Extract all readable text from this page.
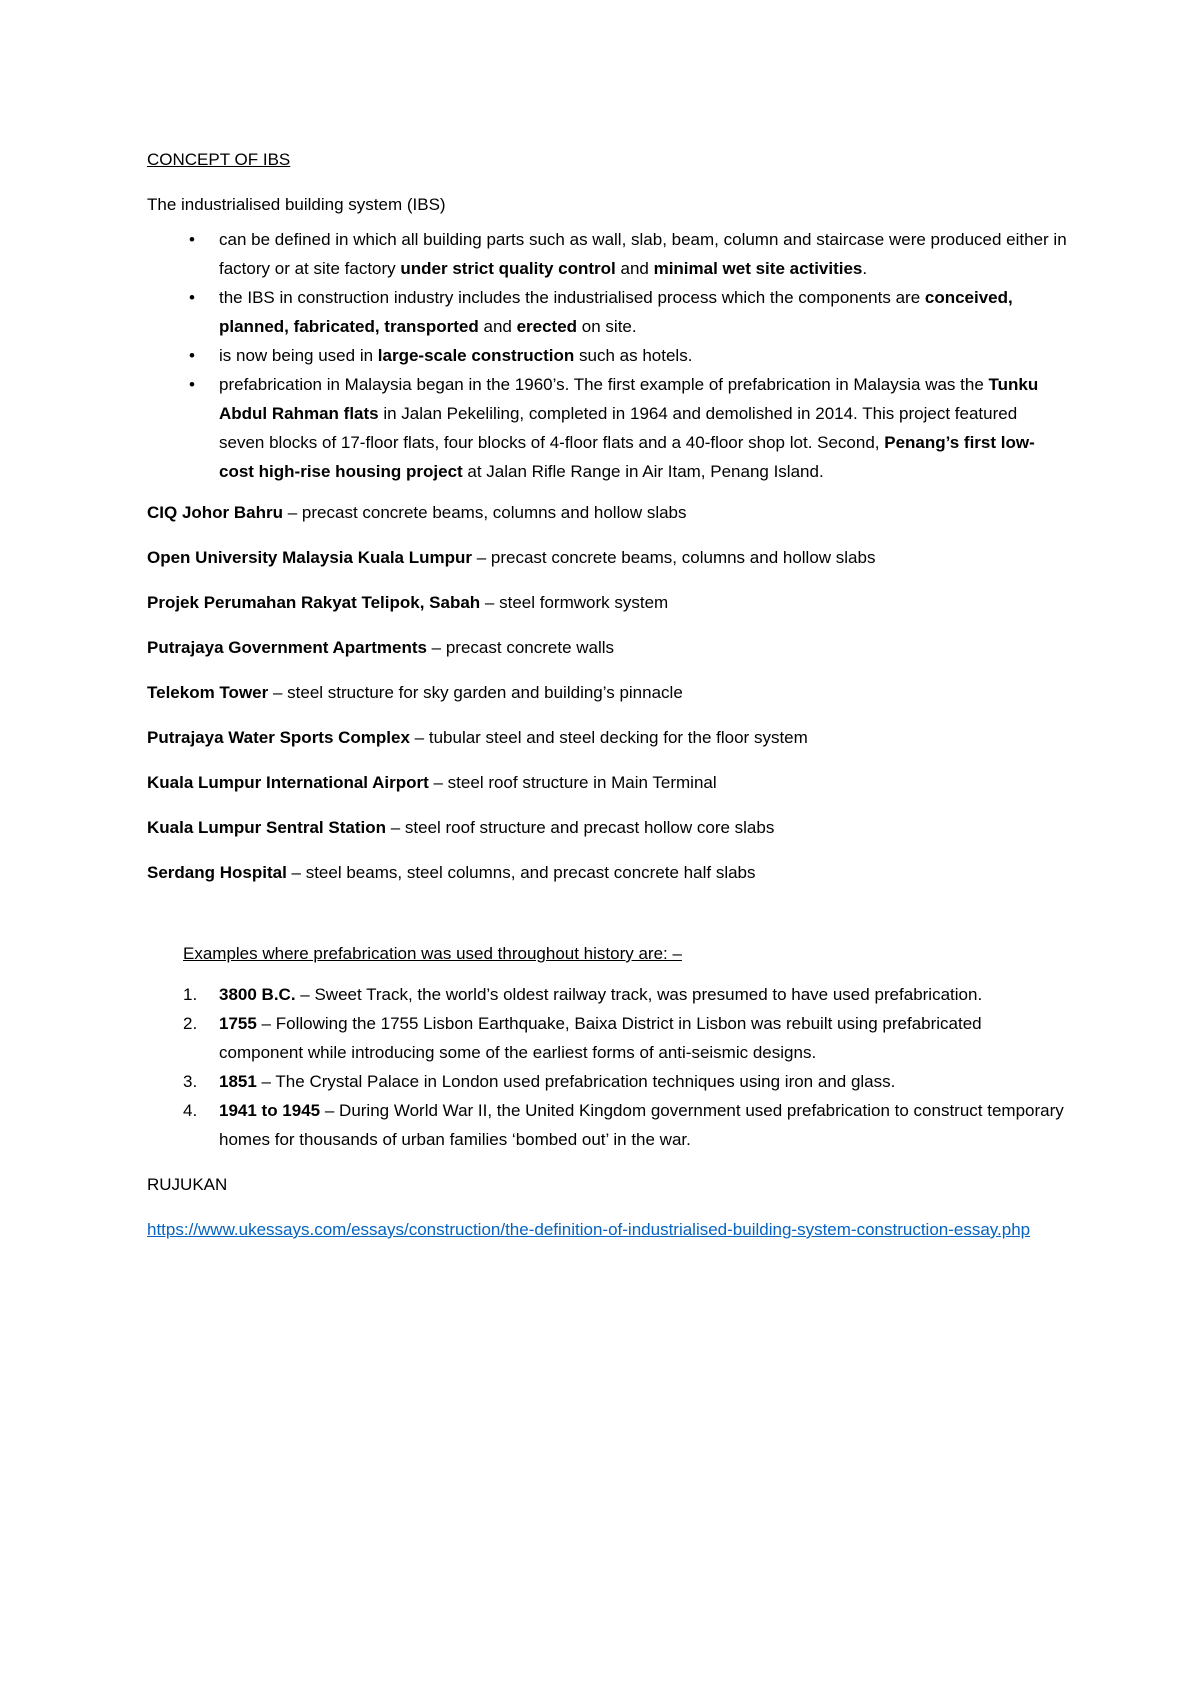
CONCEPT OF IBS

The industrialised building system (IBS)

• can be defined in which all building parts such as wall, slab, beam, column and staircase were produced either in factory or at site factory under strict quality control and minimal wet site activities.
• the IBS in construction industry includes the industrialised process which the components are conceived, planned, fabricated, transported and erected on site.
• is now being used in large-scale construction such as hotels.
• prefabrication in Malaysia began in the 1960’s. The first example of prefabrication in Malaysia was the Tunku Abdul Rahman flats in Jalan Pekeliling, completed in 1964 and demolished in 2014. This project featured seven blocks of 17-floor flats, four blocks of 4-floor flats and a 40-floor shop lot. Second, Penang’s first low-cost high-rise housing project at Jalan Rifle Range in Air Itam, Penang Island.

CIQ Johor Bahru – precast concrete beams, columns and hollow slabs

Open University Malaysia Kuala Lumpur – precast concrete beams, columns and hollow slabs

Projek Perumahan Rakyat Telipok, Sabah – steel formwork system

Putrajaya Government Apartments – precast concrete walls

Telekom Tower – steel structure for sky garden and building’s pinnacle

Putrajaya Water Sports Complex – tubular steel and steel decking for the floor system

Kuala Lumpur International Airport – steel roof structure in Main Terminal

Kuala Lumpur Sentral Station – steel roof structure and precast hollow core slabs

Serdang Hospital – steel beams, steel columns, and precast concrete half slabs

Examples where prefabrication was used throughout history are: –

1. 3800 B.C. – Sweet Track, the world’s oldest railway track, was presumed to have used prefabrication.
2. 1755 – Following the 1755 Lisbon Earthquake, Baixa District in Lisbon was rebuilt using prefabricated component while introducing some of the earliest forms of anti-seismic designs.
3. 1851 – The Crystal Palace in London used prefabrication techniques using iron and glass.
4. 1941 to 1945 – During World War II, the United Kingdom government used prefabrication to construct temporary homes for thousands of urban families ‘bombed out’ in the war.

RUJUKAN

https://www.ukessays.com/essays/construction/the-definition-of-industrialised-building-system-construction-essay.php
